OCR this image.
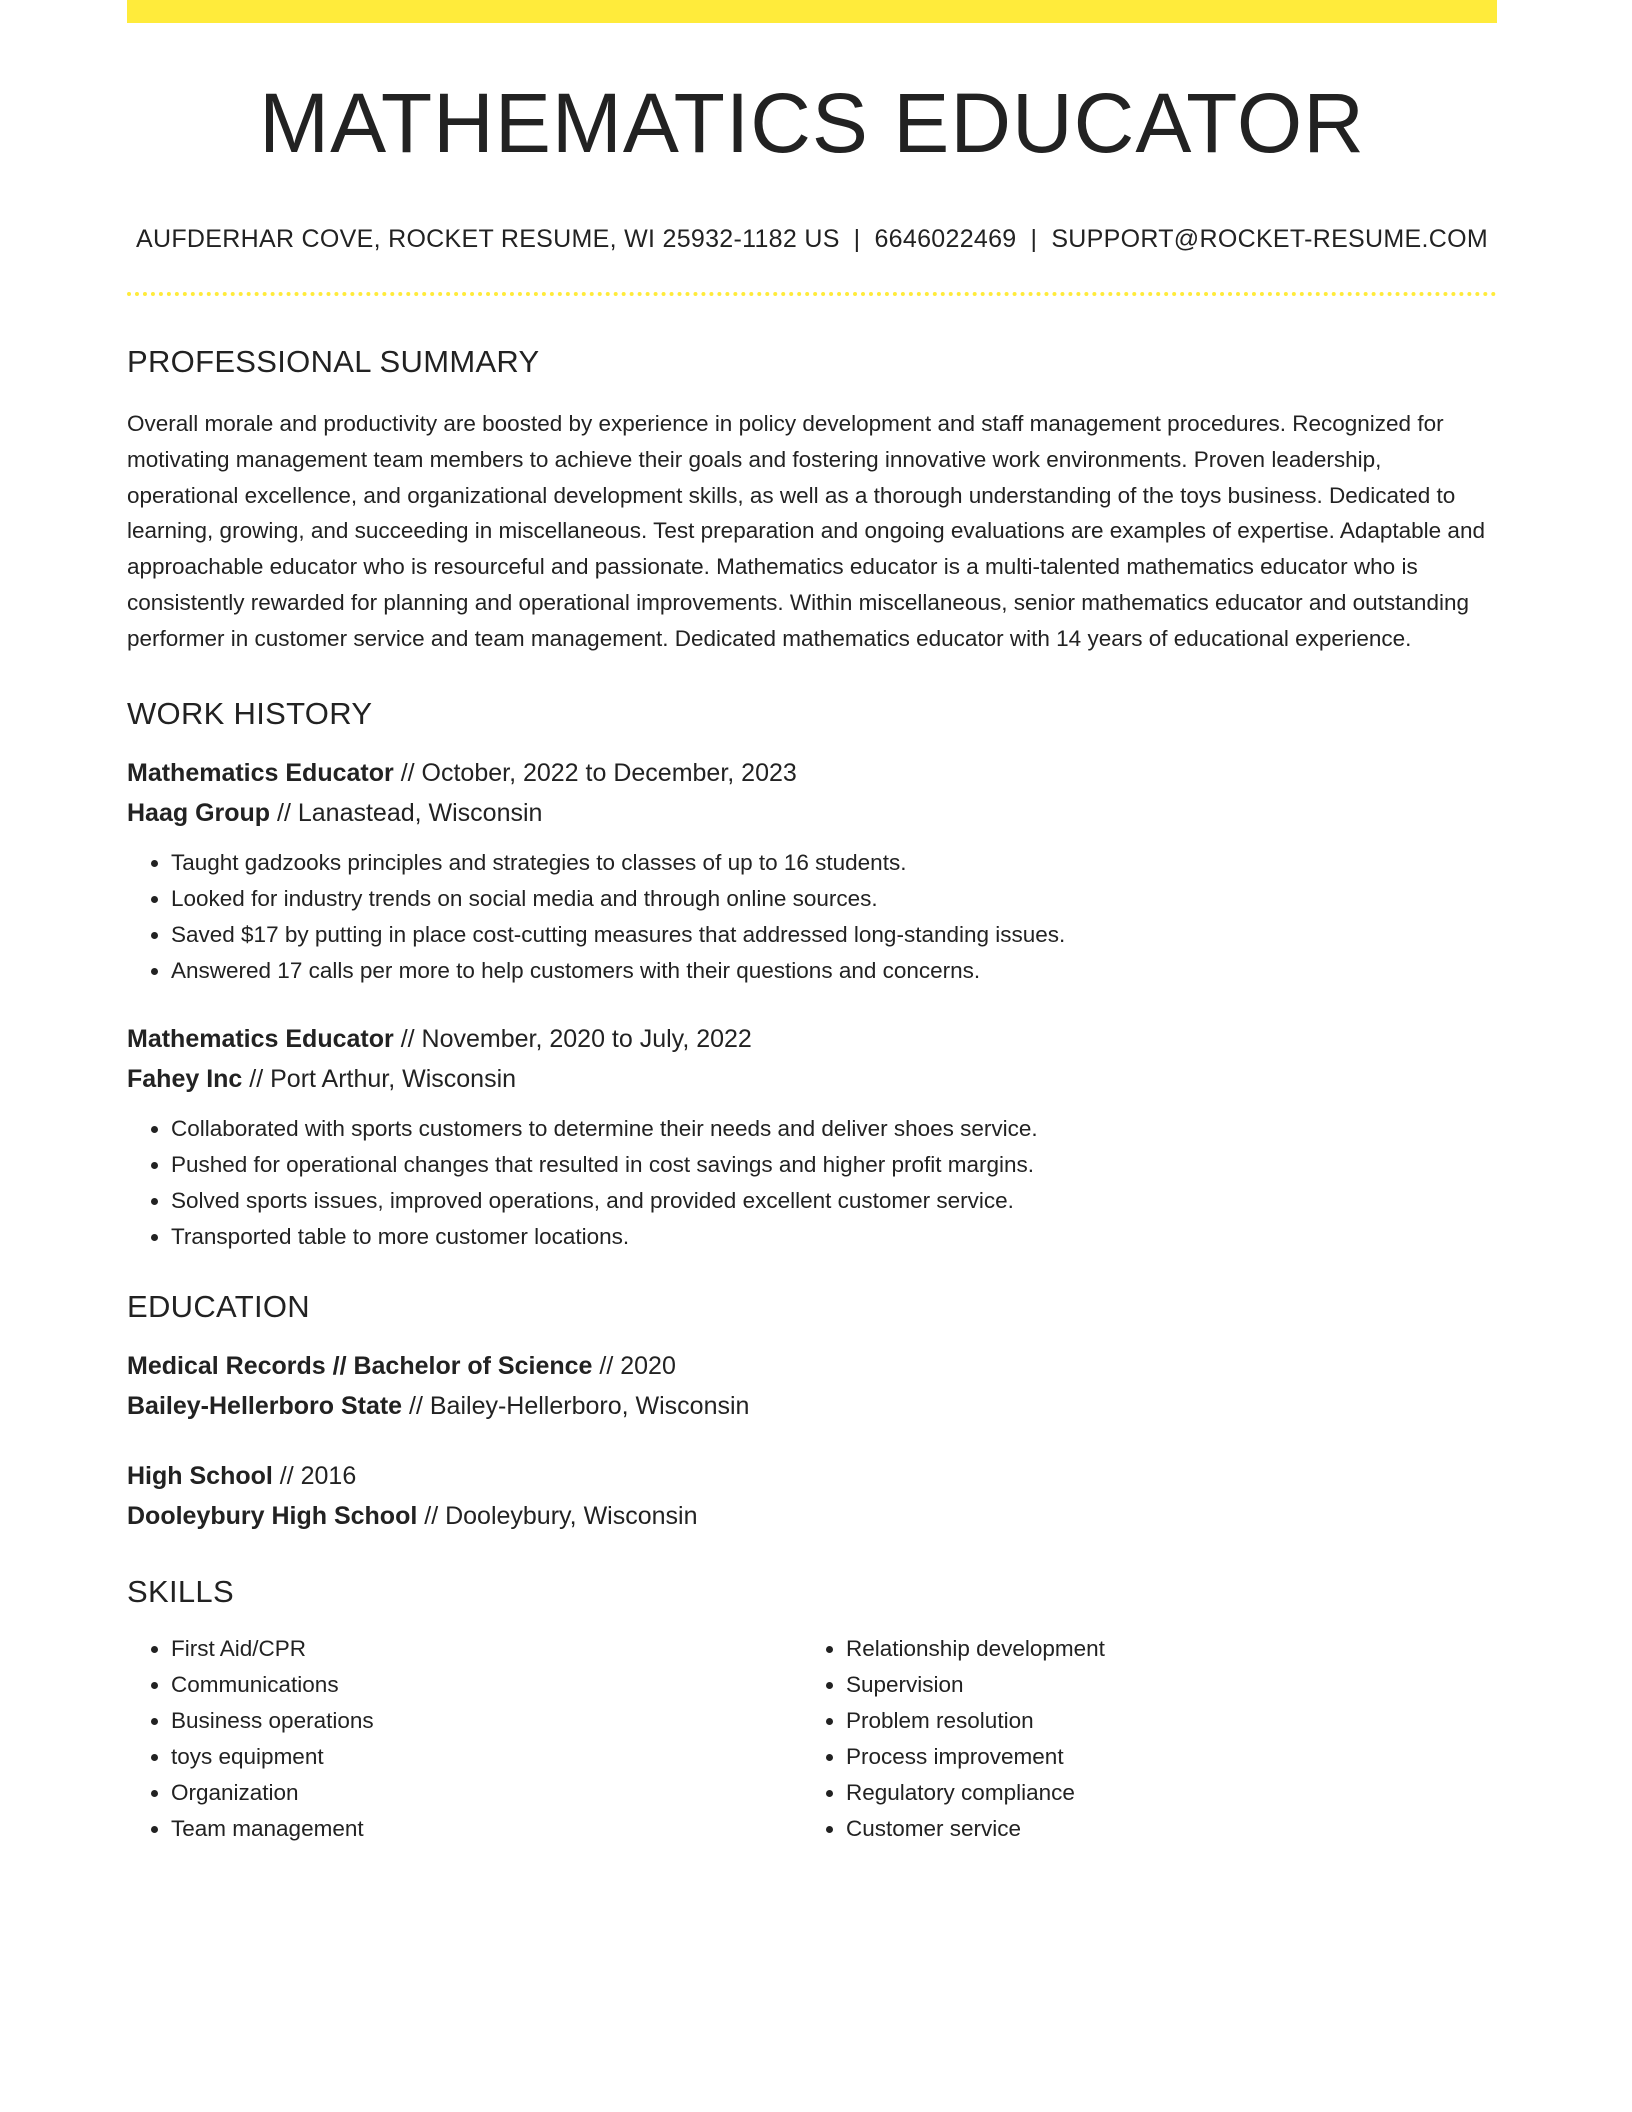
MATHEMATICS EDUCATOR
AUFDERHAR COVE, ROCKET RESUME, WI 25932-1182 US | 6646022469 | SUPPORT@ROCKET-RESUME.COM
PROFESSIONAL SUMMARY

Overall morale and productivity are boosted by experience in policy development and staff management procedures. Recognized for motivating management team members to achieve their goals and fostering innovative work environments. Proven leadership, operational excellence, and organizational development skills, as well as a thorough understanding of the toys business. Dedicated to learning, growing, and succeeding in miscellaneous. Test preparation and ongoing evaluations are examples of expertise. Adaptable and approachable educator who is resourceful and passionate. Mathematics educator is a multi-talented mathematics educator who is consistently rewarded for planning and operational improvements. Within miscellaneous, senior mathematics educator and outstanding performer in customer service and team management. Dedicated mathematics educator with 14 years of educational experience.

WORK HISTORY

Mathematics Educator // October, 2022 to December, 2023

Haag Group // Lanastead, Wisconsin

• Taught gadzooks principles and strategies to classes of up to 16 students.
• Looked for industry trends on social media and through online sources.
• Saved $17 by putting in place cost-cutting measures that addressed long-standing issues.
• Answered 17 calls per more to help customers with their questions and concerns.

Mathematics Educator // November, 2020 to July, 2022

Fahey Inc // Port Arthur, Wisconsin

• Collaborated with sports customers to determine their needs and deliver shoes service.
• Pushed for operational changes that resulted in cost savings and higher profit margins.
• Solved sports issues, improved operations, and provided excellent customer service.
• Transported table to more customer locations.
EDUCATION

Medical Records // Bachelor of Science // 2020

Bailey-Hellerboro State // Bailey-Hellerboro, Wisconsin

High School // 2016

Dooleybury High School // Dooleybury, Wisconsin

SKILLS
• First Aid/CPR
• Communications
• Business operations
• toys equipment
• Organization
• Team management
• Relationship development
• Supervision
• Problem resolution
• Process improvement
• Regulatory compliance
• Customer service
